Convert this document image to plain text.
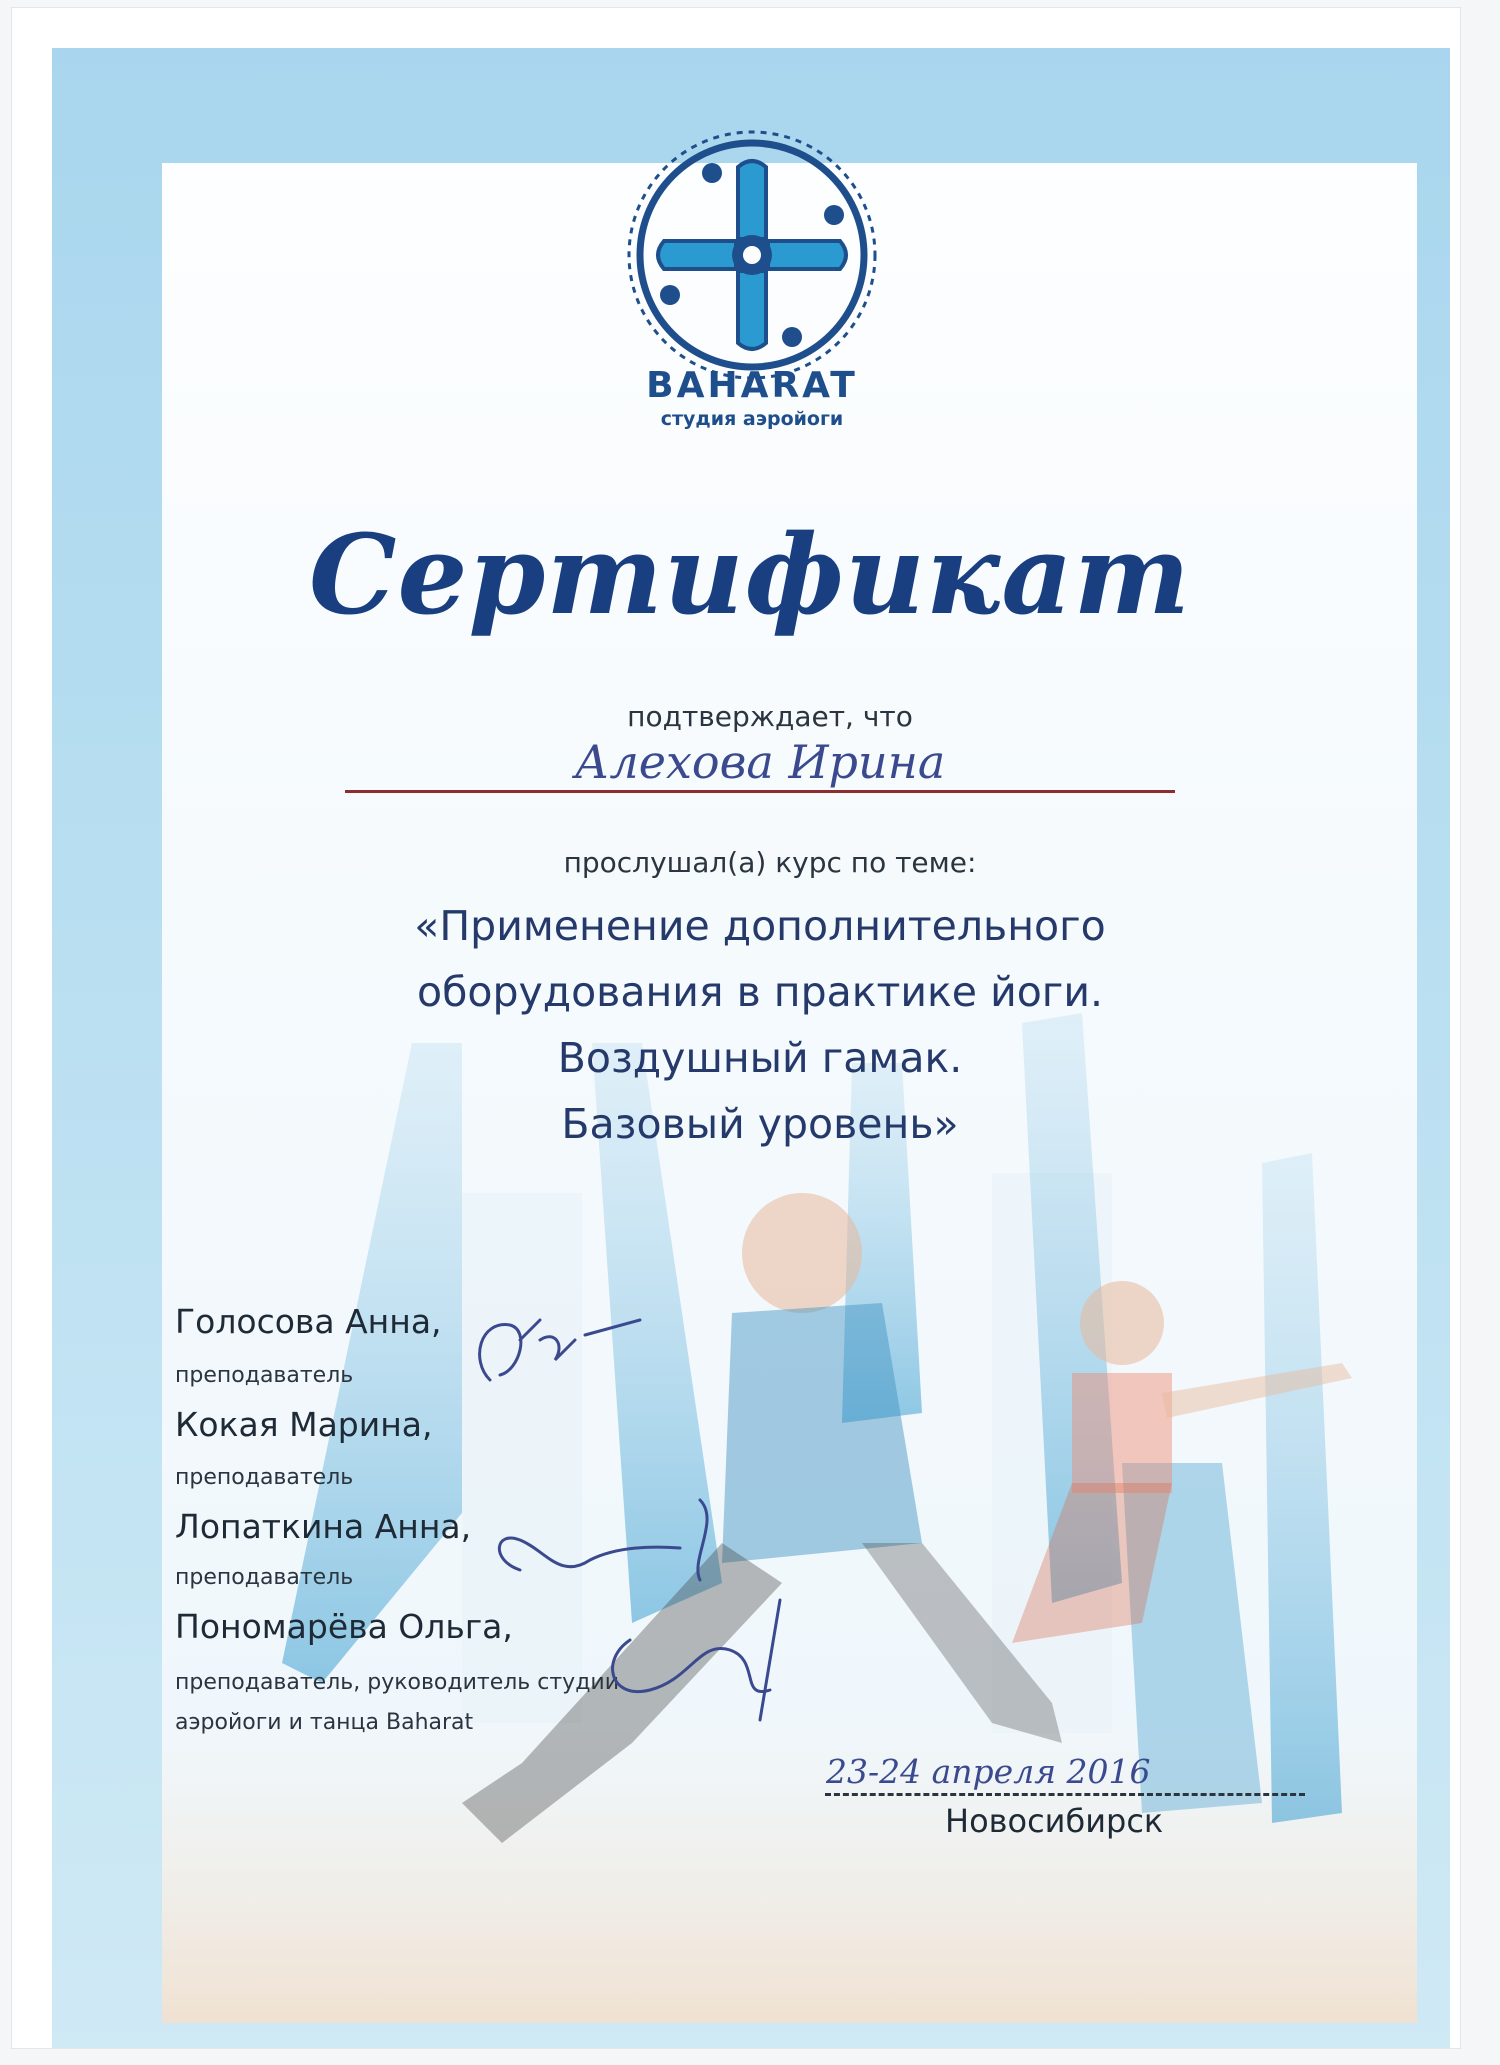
BAHARAT
студия аэройоги
Сертификат
подтверждает, что
Алехова Ирина
прослушал(а) курс по теме:
«Применение дополнительного
оборудования в практике йоги.
Воздушный гамак.
Базовый уровень»
Голосова Анна,
преподаватель
Кокая Марина,
преподаватель
Лопаткина Анна,
преподаватель
Пономарёва Ольга,
преподаватель, руководитель студии
аэройоги и танца Baharat
23-24 апреля 2016
Новосибирск
